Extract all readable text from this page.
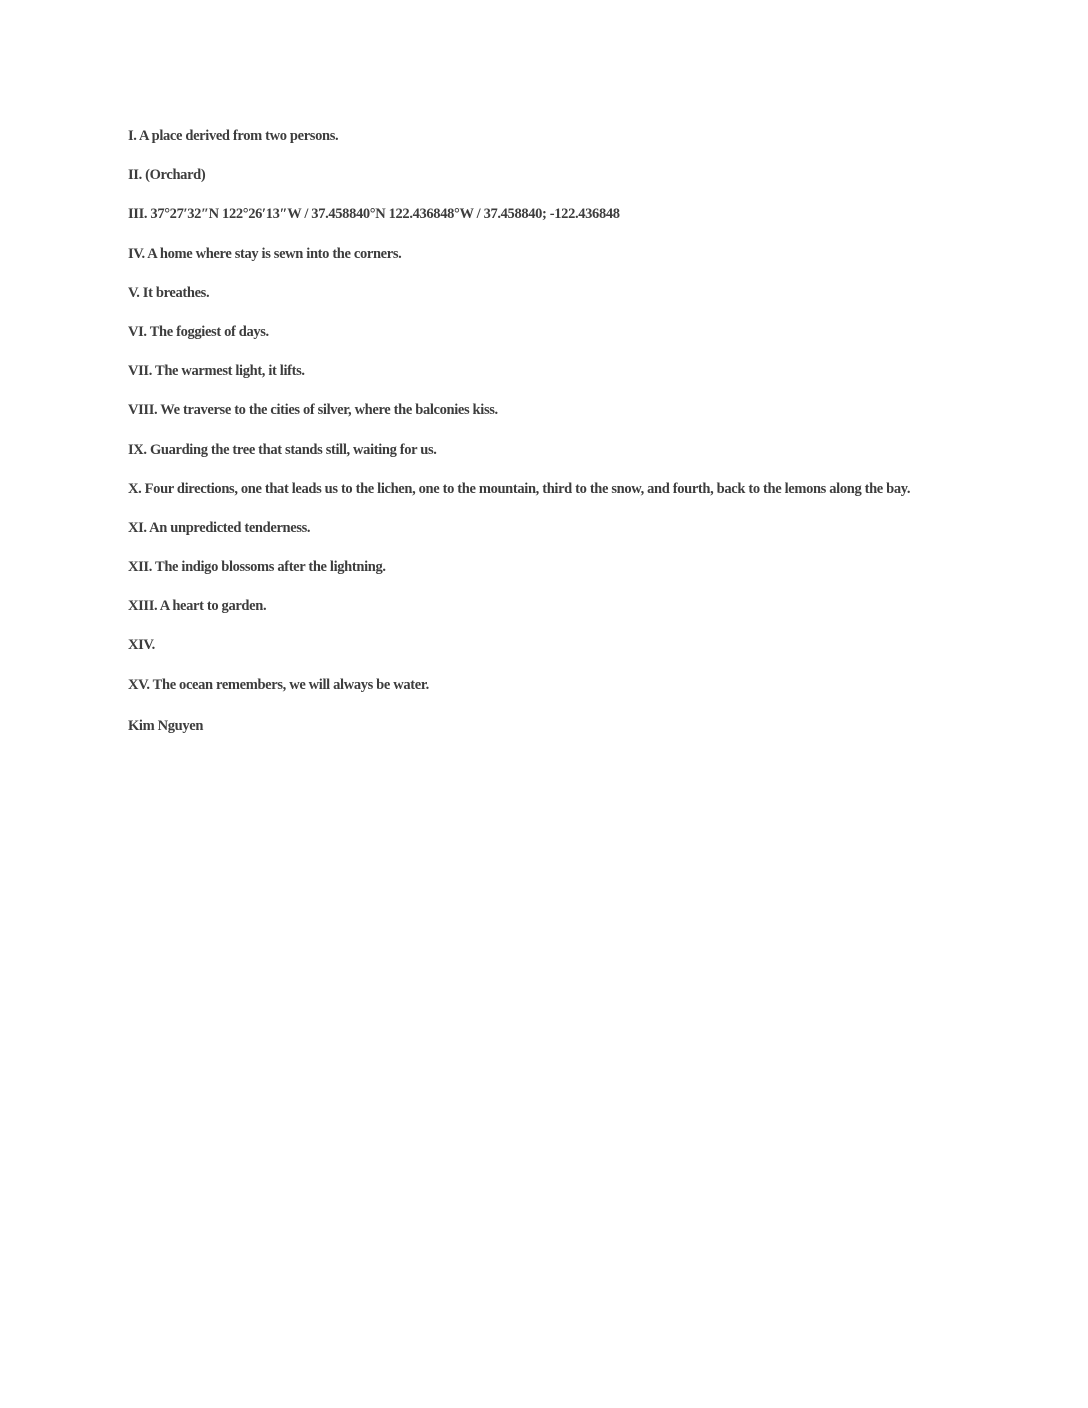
I. A place derived from two persons.
II. (Orchard)
III. 37°27′32″N 122°26′13″W / 37.458840°N 122.436848°W / 37.458840; -122.436848
IV. A home where stay is sewn into the corners.
V. It breathes.
VI. The foggiest of days.
VII. The warmest light, it lifts.
VIII. We traverse to the cities of silver, where the balconies kiss.
IX. Guarding the tree that stands still, waiting for us.
X. Four directions, one that leads us to the lichen, one to the mountain, third to the snow, and fourth, back to the lemons along the bay.
XI. An unpredicted tenderness.
XII. The indigo blossoms after the lightning.
XIII. A heart to garden.
XIV.
XV. The ocean remembers, we will always be water.
Kim Nguyen
